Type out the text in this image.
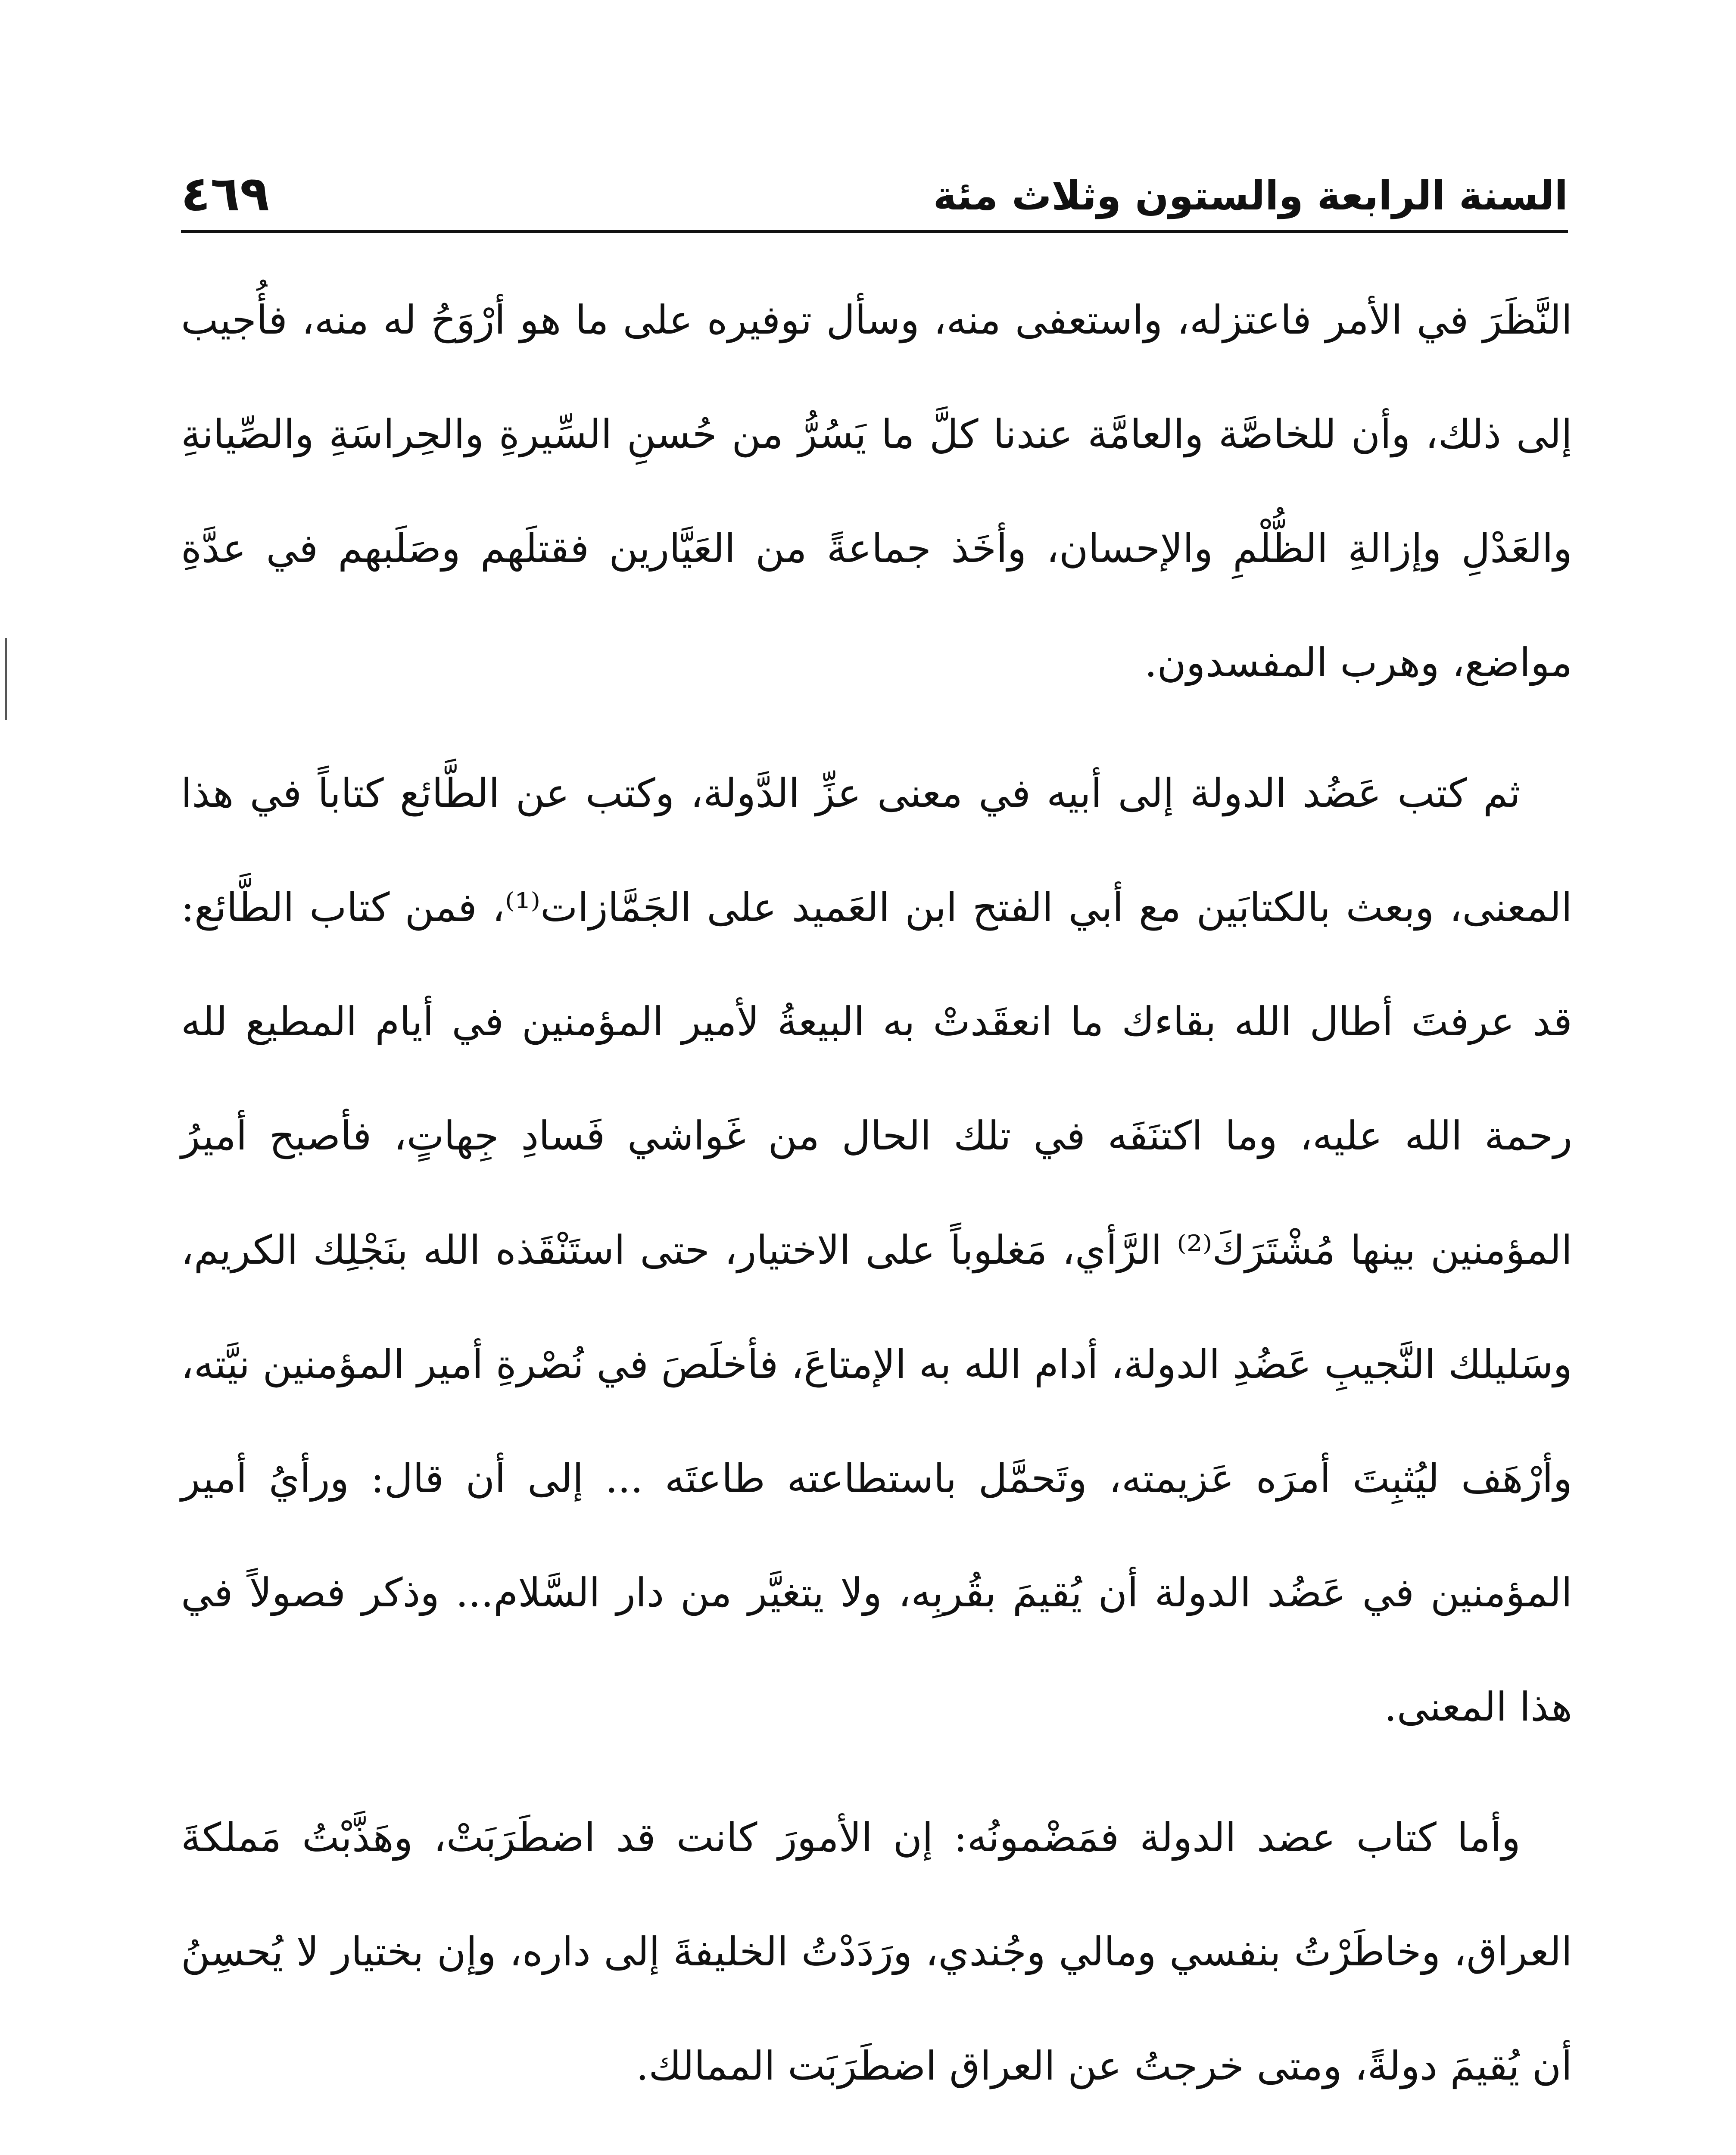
السنة الرابعة والستون وثلاث مئة
٤٦٩

النَّظَرَ في الأمر فاعتزله، واستعفى منه، وسأل توفيره على ما هو أرْوَحُ له منه، فأُجيب إلى ذلك، وأن للخاصَّة والعامَّة عندنا كلَّ ما يَسُرُّ من حُسنِ السِّيرةِ والحِراسَةِ والصِّيانةِ والعَدْلِ وإزالةِ الظُّلْمِ والإحسان، وأخَذ جماعةً من العَيَّارين فقتلَهم وصَلَبهم في عدَّةِ مواضع، وهرب المفسدون.

ثم كتب عَضُد الدولة إلى أبيه في معنى عزِّ الدَّولة، وكتب عن الطَّائع كتاباً في هذا المعنى، وبعث بالكتابَين مع أبي الفتح ابن العَميد على الجَمَّازات⁽¹⁾، فمن كتاب الطَّائع: قد عرفتَ أطال الله بقاءك ما انعقَدتْ به البيعةُ لأمير المؤمنين في أيام المطيع لله رحمة الله عليه، وما اكتنَفَه في تلك الحال من غَواشي فَسادِ جِهاتٍ، فأصبح أميرُ المؤمنين بينها مُشْتَرَكَ⁽²⁾ الرَّأي، مَغلوباً على الاختيار، حتى استَنْقَذه الله بنَجْلِك الكريم، وسَليلك النَّجيبِ عَضُدِ الدولة، أدام الله به الإمتاعَ، فأخلَصَ في نُصْرةِ أمير المؤمنين نيَّته، وأرْهَف ليُثبِتَ أمرَه عَزيمته، وتَحمَّل باستطاعته طاعتَه ... إلى أن قال: ورأيُ أمير المؤمنين في عَضُد الدولة أن يُقيمَ بقُربِه، ولا يتغيَّر من دار السَّلام... وذكر فصولاً في هذا المعنى.

وأما كتاب عضد الدولة فمَضْمونُه: إن الأمورَ كانت قد اضطَرَبَتْ، وهَذَّبْتُ مَملكةَ العراق، وخاطَرْتُ بنفسي ومالي وجُندي، ورَدَدْتُ الخليفةَ إلى داره، وإن بختيار لا يُحسِنُ أن يُقيمَ دولةً، ومتى خرجتُ عن العراق اضطَرَبَت الممالك.
